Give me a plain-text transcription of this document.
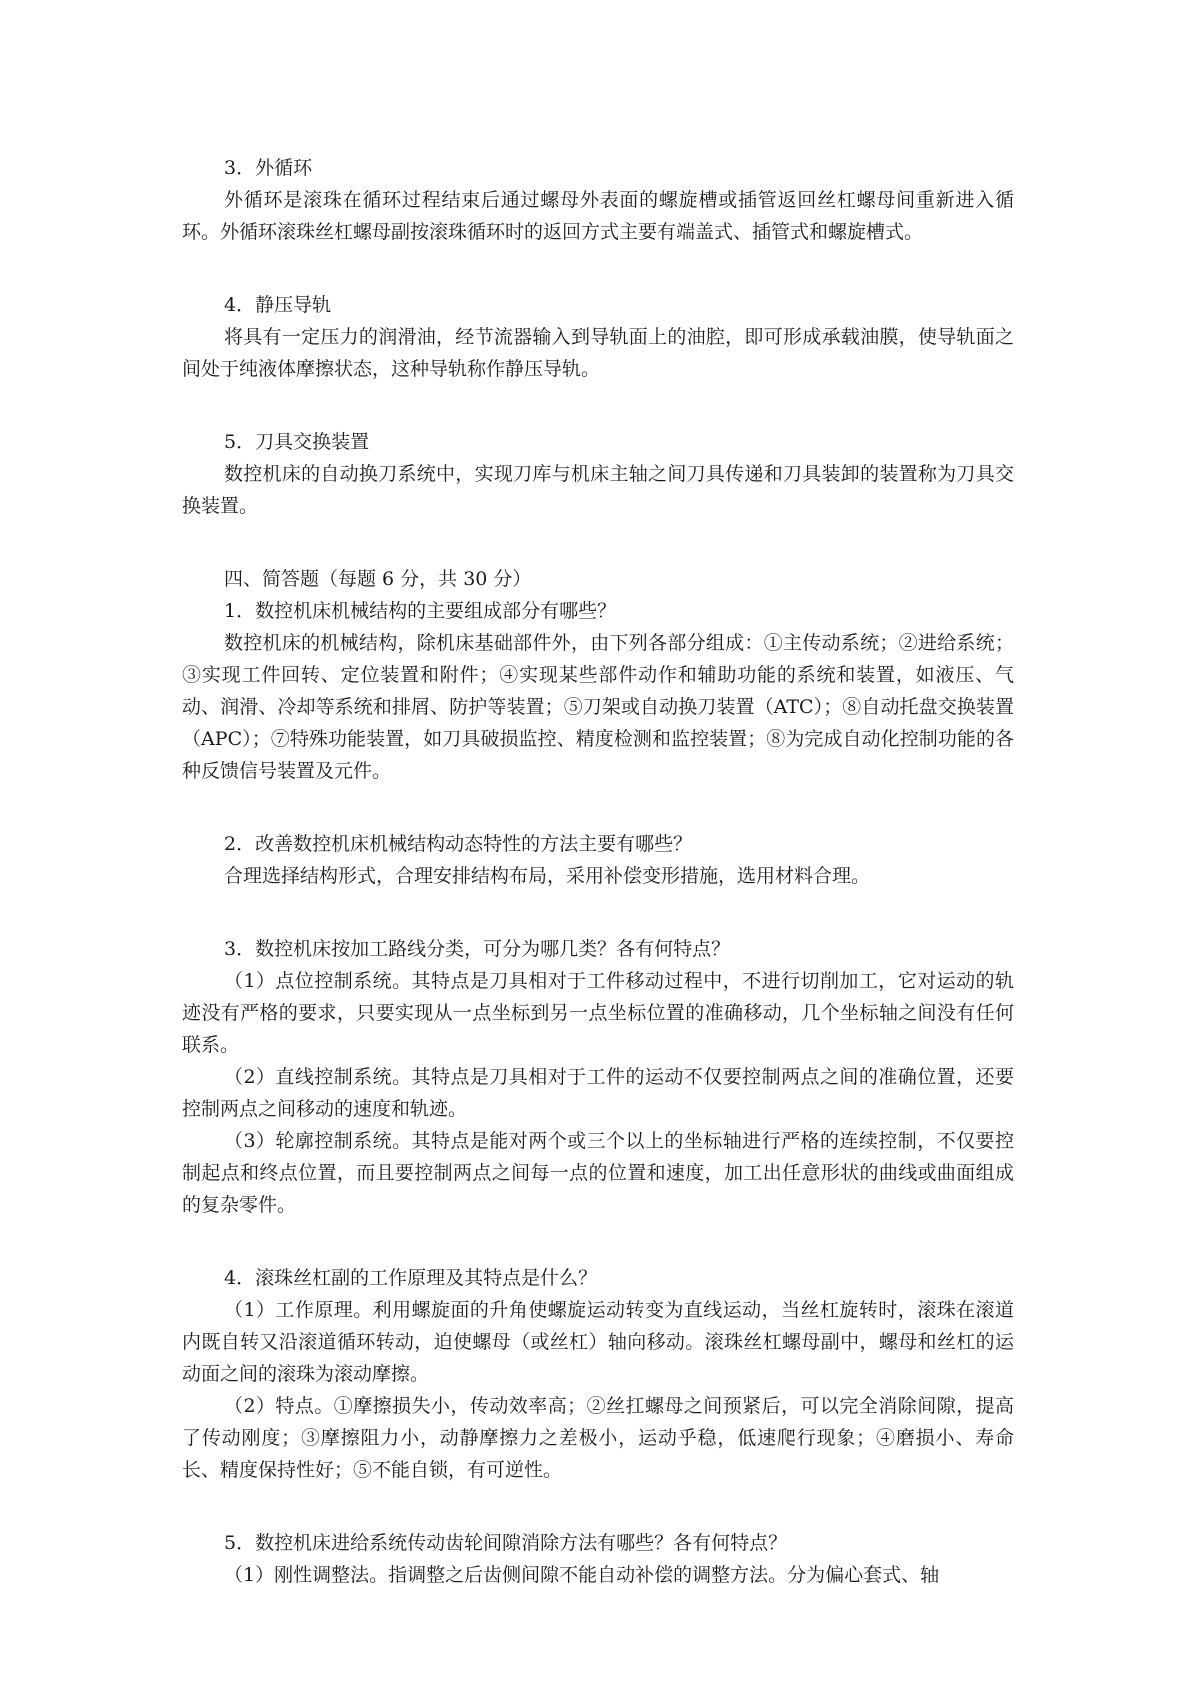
3．外循环
外循环是滚珠在循环过程结束后通过螺母外表面的螺旋槽或插管返回丝杠螺母间重新进入循环。外循环滚珠丝杠螺母副按滚珠循环时的返回方式主要有端盖式、插管式和螺旋槽式。
4．静压导轨
将具有一定压力的润滑油，经节流器输入到导轨面上的油腔，即可形成承载油膜，使导轨面之间处于纯液体摩擦状态，这种导轨称作静压导轨。
5．刀具交换装置
数控机床的自动换刀系统中，实现刀库与机床主轴之间刀具传递和刀具装卸的装置称为刀具交换装置。
四、简答题（每题 6 分，共 30 分）
1．数控机床机械结构的主要组成部分有哪些？
数控机床的机械结构，除机床基础部件外，由下列各部分组成：①主传动系统；②进给系统；③实现工件回转、定位装置和附件；④实现某些部件动作和辅助功能的系统和装置，如液压、气动、润滑、冷却等系统和排屑、防护等装置；⑤刀架或自动换刀装置（ATC）；⑧自动托盘交换装置（APC）；⑦特殊功能装置，如刀具破损监控、精度检测和监控装置；⑧为完成自动化控制功能的各种反馈信号装置及元件。
2．改善数控机床机械结构动态特性的方法主要有哪些？
合理选择结构形式，合理安排结构布局，采用补偿变形措施，选用材料合理。
3．数控机床按加工路线分类，可分为哪几类？各有何特点？
（1）点位控制系统。其特点是刀具相对于工件移动过程中，不进行切削加工，它对运动的轨迹没有严格的要求，只要实现从一点坐标到另一点坐标位置的准确移动，几个坐标轴之间没有任何联系。
（2）直线控制系统。其特点是刀具相对于工件的运动不仅要控制两点之间的准确位置，还要控制两点之间移动的速度和轨迹。
（3）轮廓控制系统。其特点是能对两个或三个以上的坐标轴进行严格的连续控制，不仅要控制起点和终点位置，而且要控制两点之间每一点的位置和速度，加工出任意形状的曲线或曲面组成的复杂零件。
4．滚珠丝杠副的工作原理及其特点是什么？
（1）工作原理。利用螺旋面的升角使螺旋运动转变为直线运动，当丝杠旋转时，滚珠在滚道内既自转又沿滚道循环转动，迫使螺母（或丝杠）轴向移动。滚珠丝杠螺母副中，螺母和丝杠的运动面之间的滚珠为滚动摩擦。
（2）特点。①摩擦损失小，传动效率高；②丝扛螺母之间预紧后，可以完全消除间隙，提高了传动刚度；③摩擦阻力小，动静摩擦力之差极小，运动乎稳，低速爬行现象；④磨损小、寿命长、精度保持性好；⑤不能自锁，有可逆性。
5．数控机床进给系统传动齿轮间隙消除方法有哪些？各有何特点？
（1）刚性调整法。指调整之后齿侧间隙不能自动补偿的调整方法。分为偏心套式、轴
